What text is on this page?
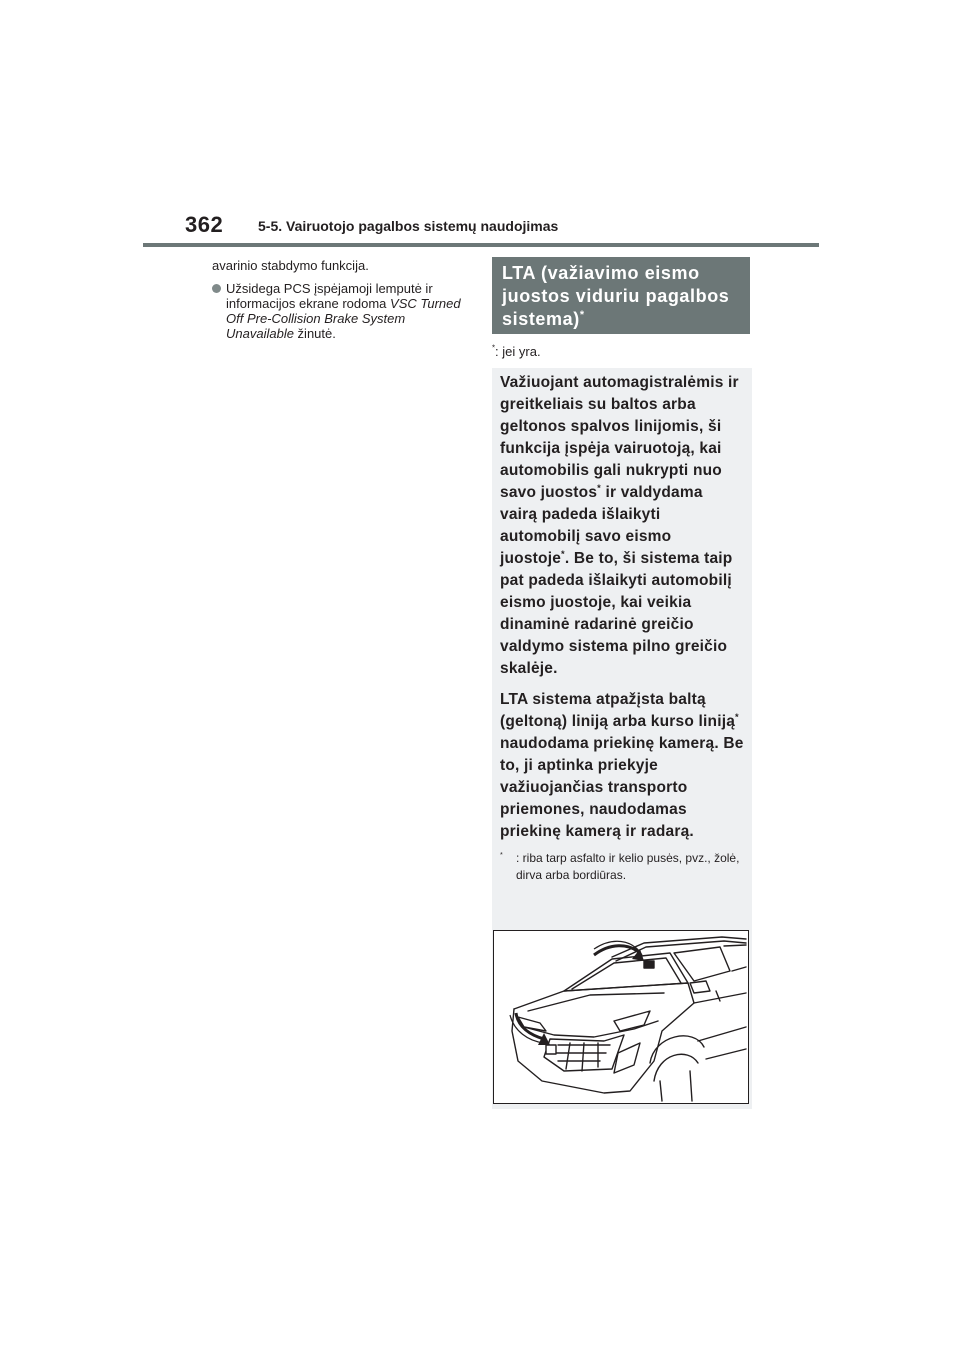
362 5-5. Vairuotojo pagalbos sistemų naudojimas

avarinio stabdymo funkcija.

Užsidega PCS įspėjamoji lemputė ir informacijos ekrane rodoma VSC Turned Off Pre-Collision Brake System Unavailable žinutė.

LTA (važiavimo eismo juostos viduriu pagalbos sistema)*
*: jei yra.

Važiuojant automagistralėmis ir greitkeliais su baltos arba geltonos spalvos linijomis, ši funkcija įspėja vairuotoją, kai automobilis gali nukrypti nuo savo juostos* ir valdydama vairą padeda išlaikyti automobilį savo eismo juostoje*. Be to, ši sistema taip pat padeda išlaikyti automobilį eismo juostoje, kai veikia dinaminė radarinė greičio valdymo sistema pilno greičio skalėje.

LTA sistema atpažįsta baltą (geltoną) liniją arba kurso liniją* naudodama priekinę kamerą. Be to, ji aptinka priekyje važiuojančias transporto priemones, naudodamas priekinę kamerą ir radarą.

* : riba tarp asfalto ir kelio pusės, pvz., žolė, dirva arba bordiūras.
